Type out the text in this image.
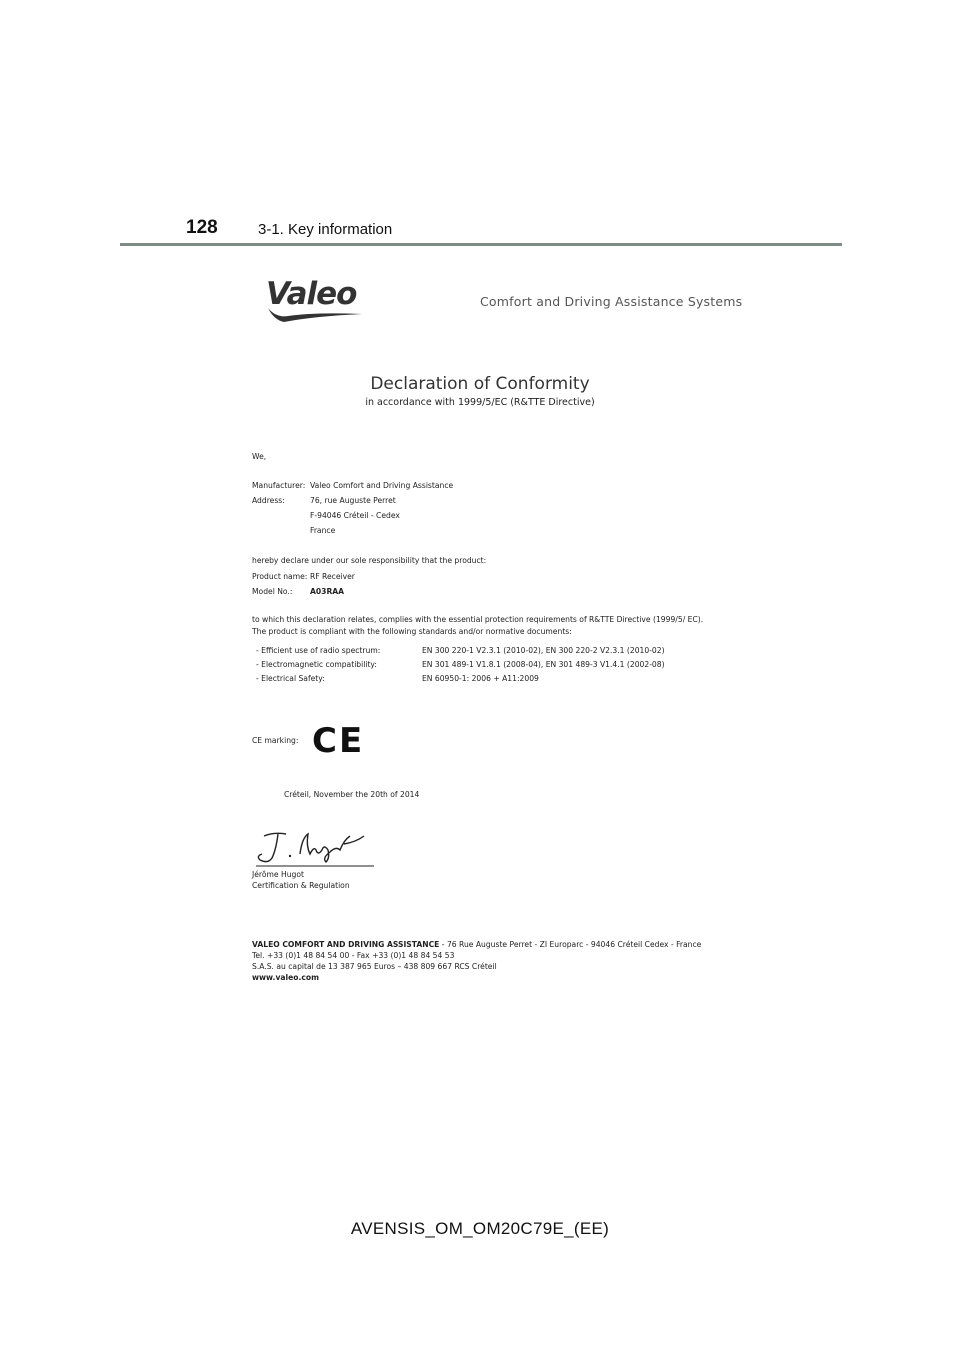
128	3-1. Key information
Valeo	Comfort and Driving Assistance Systems
Declaration of Conformity
in accordance with 1999/5/EC (R&TTE Directive)
We,
Manufacturer: Valeo Comfort and Driving Assistance
Address:	76, rue Auguste Perret
F-94046 Créteil - Cedex
France
hereby declare under our sole responsibility that the product:
Product name: RF Receiver
Model No.: A03RAA
to which this declaration relates, complies with the essential protection requirements of R&TTE Directive (1999/5/ EC).
The product is compliant with the following standards and/or normative documents:
- Efficient use of radio spectrum:	EN 300 220-1 V2.3.1 (2010-02), EN 300 220-2 V2.3.1 (2010-02)
- Electromagnetic compatibility:	EN 301 489-1 V1.8.1 (2008-04), EN 301 489-3 V1.4.1 (2002-08)
- Electrical Safety:	EN 60950-1: 2006 + A11:2009
CE marking: CE
Créteil, November the 20th of 2014
Jérôme Hugot
Certification & Regulation
VALEO COMFORT AND DRIVING ASSISTANCE - 76 Rue Auguste Perret - ZI Europarc - 94046 Créteil Cedex - France
Tel. +33 (0)1 48 84 54 00 - Fax +33 (0)1 48 84 54 53
S.A.S. au capital de 13 387 965 Euros – 438 809 667 RCS Créteil
www.valeo.com
AVENSIS_OM_OM20C79E_(EE)
